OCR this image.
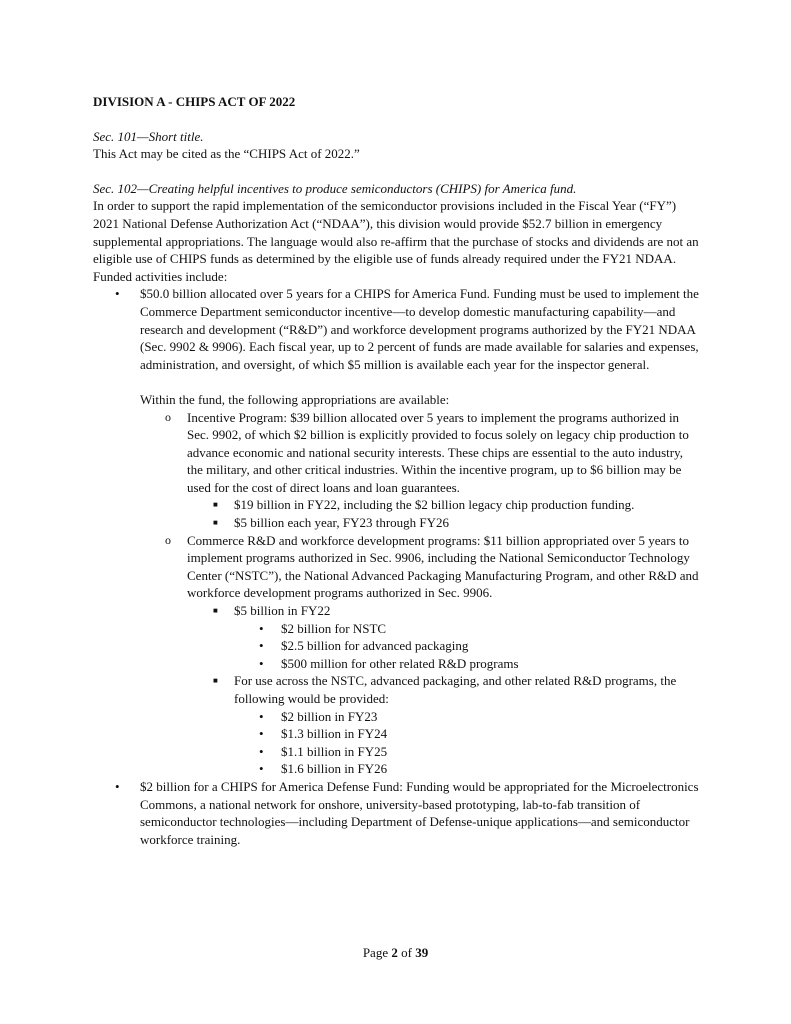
DIVISION A - CHIPS ACT OF 2022
Sec. 101—Short title.
This Act may be cited as the “CHIPS Act of 2022.”
Sec. 102—Creating helpful incentives to produce semiconductors (CHIPS) for America fund.
In order to support the rapid implementation of the semiconductor provisions included in the Fiscal Year (“FY”) 2021 National Defense Authorization Act (“NDAA”), this division would provide $52.7 billion in emergency supplemental appropriations. The language would also re-affirm that the purchase of stocks and dividends are not an eligible use of CHIPS funds as determined by the eligible use of funds already required under the FY21 NDAA.
Funded activities include:
• $50.0 billion allocated over 5 years for a CHIPS for America Fund. Funding must be used to implement the Commerce Department semiconductor incentive—to develop domestic manufacturing capability—and research and development (“R&D”) and workforce development programs authorized by the FY21 NDAA (Sec. 9902 & 9906). Each fiscal year, up to 2 percent of funds are made available for salaries and expenses, administration, and oversight, of which $5 million is available each year for the inspector general.
Within the fund, the following appropriations are available:
o Incentive Program: $39 billion allocated over 5 years to implement the programs authorized in Sec. 9902, of which $2 billion is explicitly provided to focus solely on legacy chip production to advance economic and national security interests. These chips are essential to the auto industry, the military, and other critical industries. Within the incentive program, up to $6 billion may be used for the cost of direct loans and loan guarantees.
■ $19 billion in FY22, including the $2 billion legacy chip production funding.
■ $5 billion each year, FY23 through FY26
o Commerce R&D and workforce development programs: $11 billion appropriated over 5 years to implement programs authorized in Sec. 9906, including the National Semiconductor Technology Center (“NSTC”), the National Advanced Packaging Manufacturing Program, and other R&D and workforce development programs authorized in Sec. 9906.
■ $5 billion in FY22
• $2 billion for NSTC
• $2.5 billion for advanced packaging
• $500 million for other related R&D programs
■ For use across the NSTC, advanced packaging, and other related R&D programs, the following would be provided:
• $2 billion in FY23
• $1.3 billion in FY24
• $1.1 billion in FY25
• $1.6 billion in FY26
• $2 billion for a CHIPS for America Defense Fund: Funding would be appropriated for the Microelectronics Commons, a national network for onshore, university-based prototyping, lab-to-fab transition of semiconductor technologies—including Department of Defense-unique applications—and semiconductor workforce training.
Page 2 of 39
